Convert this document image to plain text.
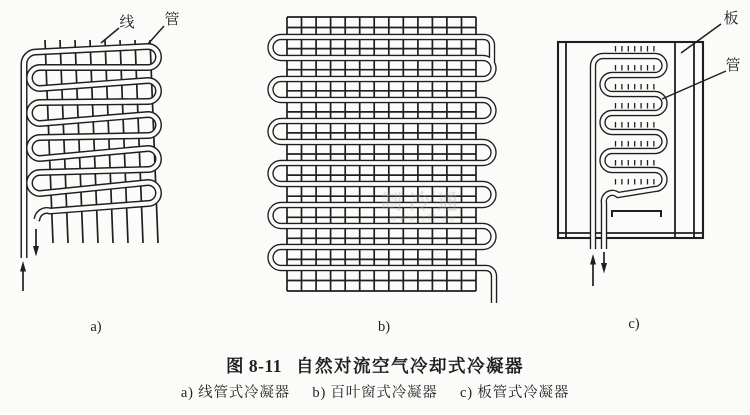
线 管
a)	b)
板
管
c)
制冷通
www.zfl.nu
图 8-11 自然对流空气冷却式冷凝器
a) 线管式冷凝器 b) 百叶窗式冷凝器 c) 板管式冷凝器
